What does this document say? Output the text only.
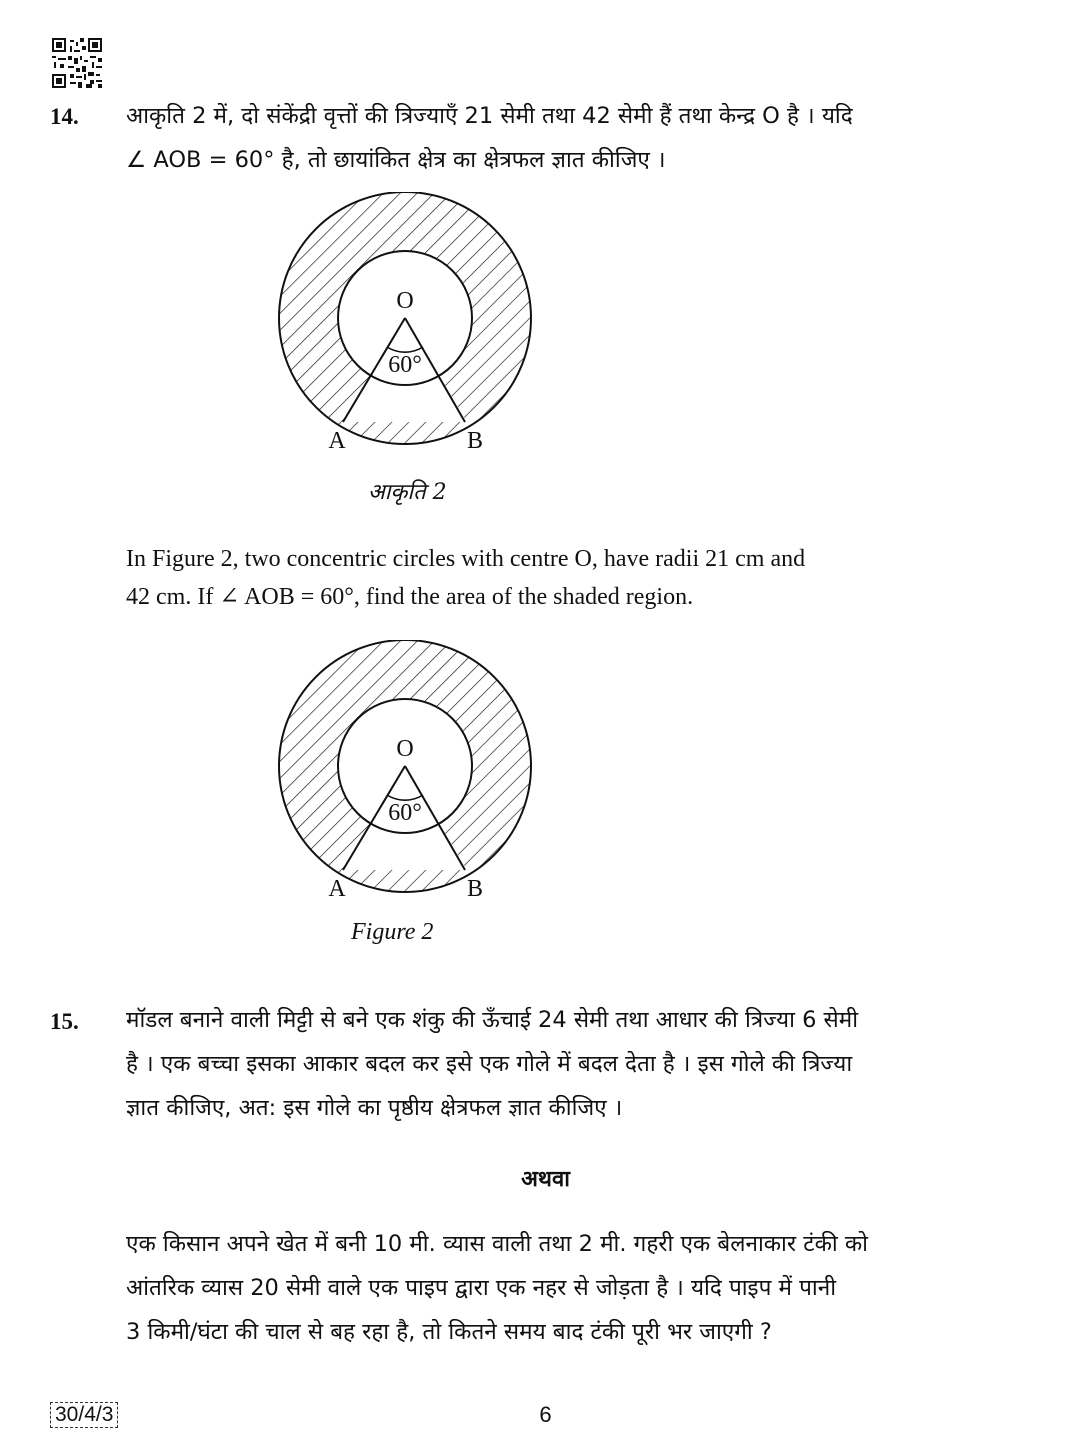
14. आकृति 2 में, दो संकेंद्री वृत्तों की त्रिज्याएँ 21 सेमी तथा 42 सेमी हैं तथा केन्द्र O है । यदि
∠ AOB = 60° है, तो छायांकित क्षेत्र का क्षेत्रफल ज्ञात कीजिए ।
O
60°
A	B
आकृति 2
In Figure 2, two concentric circles with centre O, have radii 21 cm and
42 cm. If ∠ AOB = 60°, find the area of the shaded region.
O
60°
A	B
Figure 2
15. मॉडल बनाने वाली मिट्टी से बने एक शंकु की ऊँचाई 24 सेमी तथा आधार की त्रिज्या 6 सेमी
है । एक बच्चा इसका आकार बदल कर इसे एक गोले में बदल देता है । इस गोले की त्रिज्या
ज्ञात कीजिए, अत: इस गोले का पृष्ठीय क्षेत्रफल ज्ञात कीजिए ।
अथवा
एक किसान अपने खेत में बनी 10 मी. व्यास वाली तथा 2 मी. गहरी एक बेलनाकार टंकी को
आंतरिक व्यास 20 सेमी वाले एक पाइप द्वारा एक नहर से जोड़ता है । यदि पाइप में पानी
3 किमी/घंटा की चाल से बह रहा है, तो कितने समय बाद टंकी पूरी भर जाएगी ?
30/4/3	6
